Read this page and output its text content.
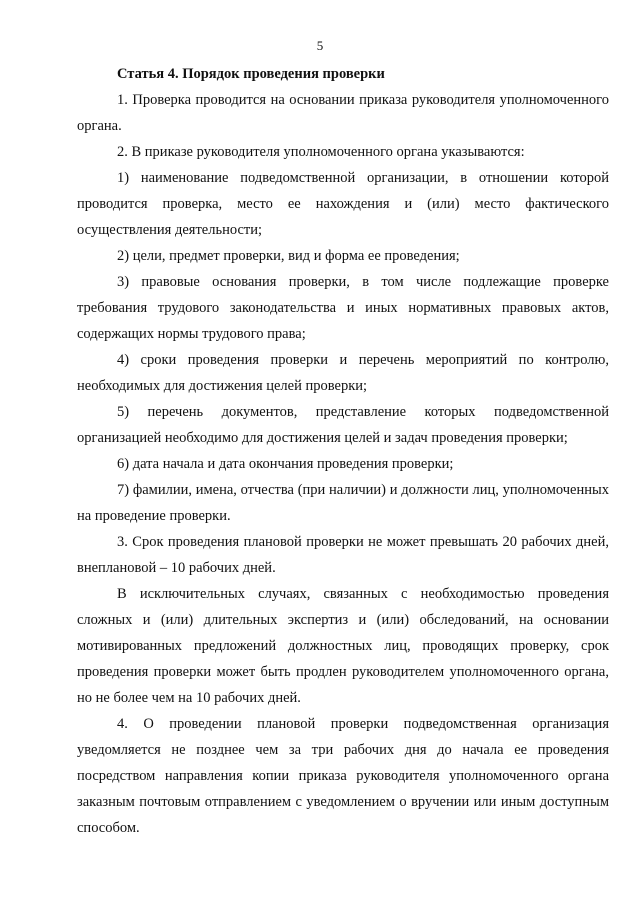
5

Статья 4. Порядок проведения проверки

1. Проверка проводится на основании приказа руководителя уполномоченного органа.

2. В приказе руководителя уполномоченного органа указываются:

1) наименование подведомственной организации, в отношении которой проводится проверка, место ее нахождения и (или) место фактического осуществления деятельности;

2) цели, предмет проверки, вид и форма ее проведения;

3) правовые основания проверки, в том числе подлежащие проверке требования трудового законодательства и иных нормативных правовых актов, содержащих нормы трудового права;

4) сроки проведения проверки и перечень мероприятий по контролю, необходимых для достижения целей проверки;

5) перечень документов, представление которых подведомственной организацией необходимо для достижения целей и задач проведения проверки;

6) дата начала и дата окончания проведения проверки;

7) фамилии, имена, отчества (при наличии) и должности лиц, уполномоченных на проведение проверки.

3. Срок проведения плановой проверки не может превышать 20 рабочих дней, внеплановой – 10 рабочих дней.

В исключительных случаях, связанных с необходимостью проведения сложных и (или) длительных экспертиз и (или) обследований, на основании мотивированных предложений должностных лиц, проводящих проверку, срок проведения проверки может быть продлен руководителем уполномоченного органа, но не более чем на 10 рабочих дней.

4. О проведении плановой проверки подведомственная организация уведомляется не позднее чем за три рабочих дня до начала ее проведения посредством направления копии приказа руководителя уполномоченного органа заказным почтовым отправлением с уведомлением о вручении или иным доступным способом.
